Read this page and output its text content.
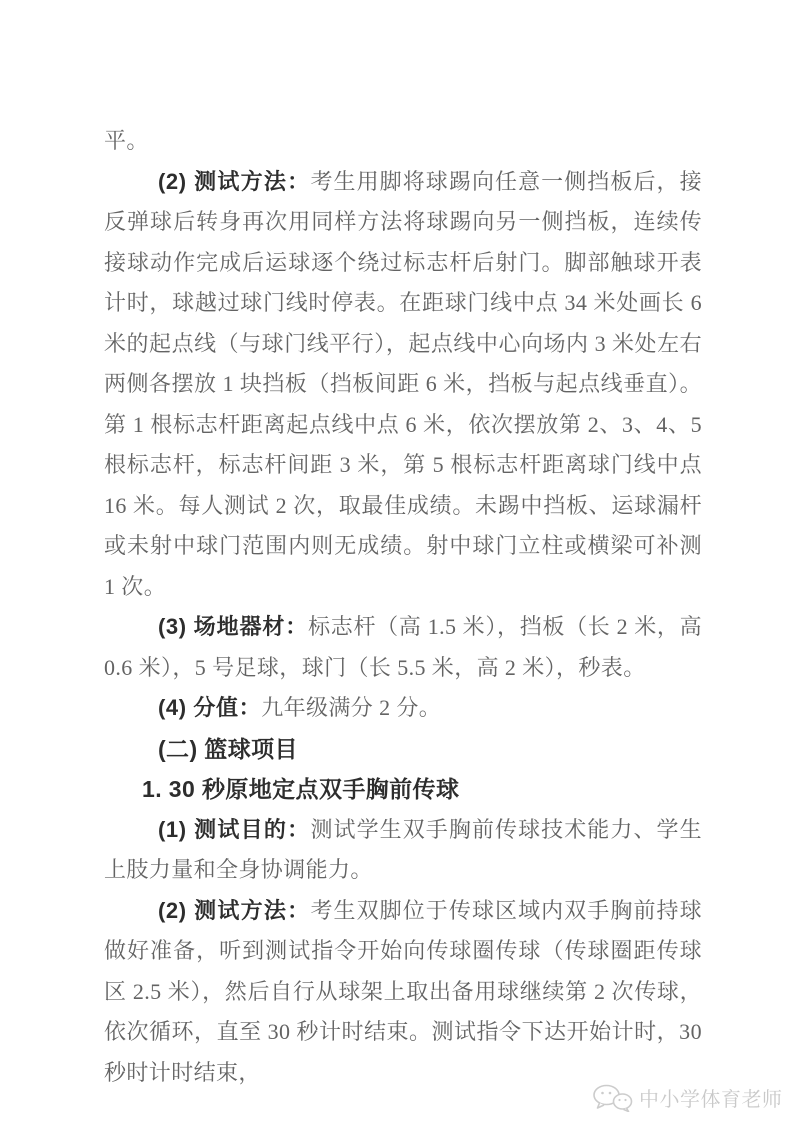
平。

(2) 测试方法：考生用脚将球踢向任意一侧挡板后，接反弹球后转身再次用同样方法将球踢向另一侧挡板，连续传接球动作完成后运球逐个绕过标志杆后射门。脚部触球开表计时，球越过球门线时停表。在距球门线中点 34 米处画长 6 米的起点线（与球门线平行），起点线中心向场内 3 米处左右两侧各摆放 1 块挡板（挡板间距 6 米，挡板与起点线垂直）。第 1 根标志杆距离起点线中点 6 米，依次摆放第 2、3、4、5 根标志杆，标志杆间距 3 米，第 5 根标志杆距离球门线中点 16 米。每人测试 2 次，取最佳成绩。未踢中挡板、运球漏杆或未射中球门范围内则无成绩。射中球门立柱或横梁可补测 1 次。

(3) 场地器材：标志杆（高 1.5 米），挡板（长 2 米，高 0.6 米），5 号足球，球门（长 5.5 米，高 2 米），秒表。

(4) 分值：九年级满分 2 分。

(二) 篮球项目

1. 30 秒原地定点双手胸前传球

(1) 测试目的：测试学生双手胸前传球技术能力、学生上肢力量和全身协调能力。

(2) 测试方法：考生双脚位于传球区域内双手胸前持球做好准备，听到测试指令开始向传球圈传球（传球圈距传球区 2.5 米），然后自行从球架上取出备用球继续第 2 次传球，依次循环，直至 30 秒计时结束。测试指令下达开始计时，30 秒时计时结束，

中小学体育老师
